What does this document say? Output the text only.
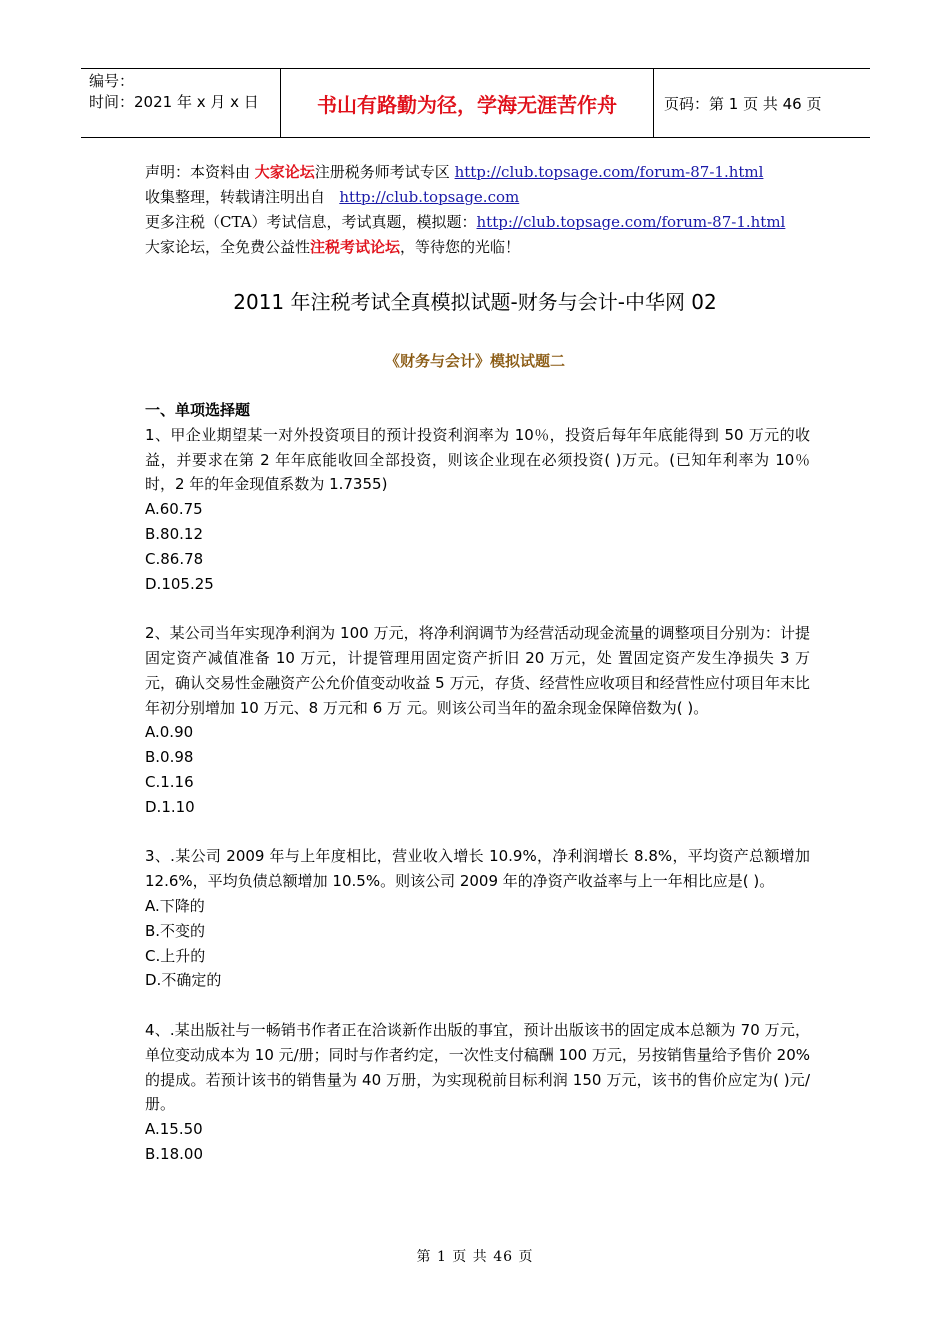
编号：
时间：2021 年 x 月 x 日	书山有路勤为径，学海无涯苦作舟	页码：第 1 页 共 46 页
声明：本资料由 大家论坛注册税务师考试专区 http://club.topsage.com/forum-87-1.html
收集整理，转载请注明出自   http://club.topsage.com
更多注税（CTA）考试信息，考试真题，模拟题：http://club.topsage.com/forum-87-1.html
大家论坛，全免费公益性注税考试论坛，等待您的光临！
2011 年注税考试全真模拟试题-财务与会计-中华网 02
《财务与会计》模拟试题二

一、单项选择题

1、甲企业期望某一对外投资项目的预计投资利润率为 10％，投资后每年年底能得到 50 万元的收益，并要求在第 2 年年底能收回全部投资，则该企业现在必须投资( )万元。(已知年利率为 10％时，2 年的年金现值系数为 1.7355)

A.60.75

B.80.12

C.86.78

D.105.25

2、某公司当年实现净利润为 100 万元，将净利润调节为经营活动现金流量的调整项目分别为：计提固定资产减值准备 10 万元，计提管理用固定资产折旧 20 万元，处 置固定资产发生净损失 3 万元，确认交易性金融资产公允价值变动收益 5 万元，存货、经营性应收项目和经营性应付项目年末比年初分别增加 10 万元、8 万元和 6 万 元。则该公司当年的盈余现金保障倍数为( )。

A.0.90

B.0.98

C.1.16

D.1.10

3、.某公司 2009 年与上年度相比，营业收入增长 10.9%，净利润增长 8.8%，平均资产总额增加 12.6%，平均负债总额增加 10.5%。则该公司 2009 年的净资产收益率与上一年相比应是( )。

A.下降的

B.不变的

C.上升的

D.不确定的

4、.某出版社与一畅销书作者正在洽谈新作出版的事宜，预计出版该书的固定成本总额为 70 万元，单位变动成本为 10 元/册；同时与作者约定，一次性支付稿酬 100 万元，另按销售量给予售价 20%的提成。若预计该书的销售量为 40 万册，为实现税前目标利润 150 万元，该书的售价应定为( )元/册。

A.15.50

B.18.00

第 1 页 共 46 页
